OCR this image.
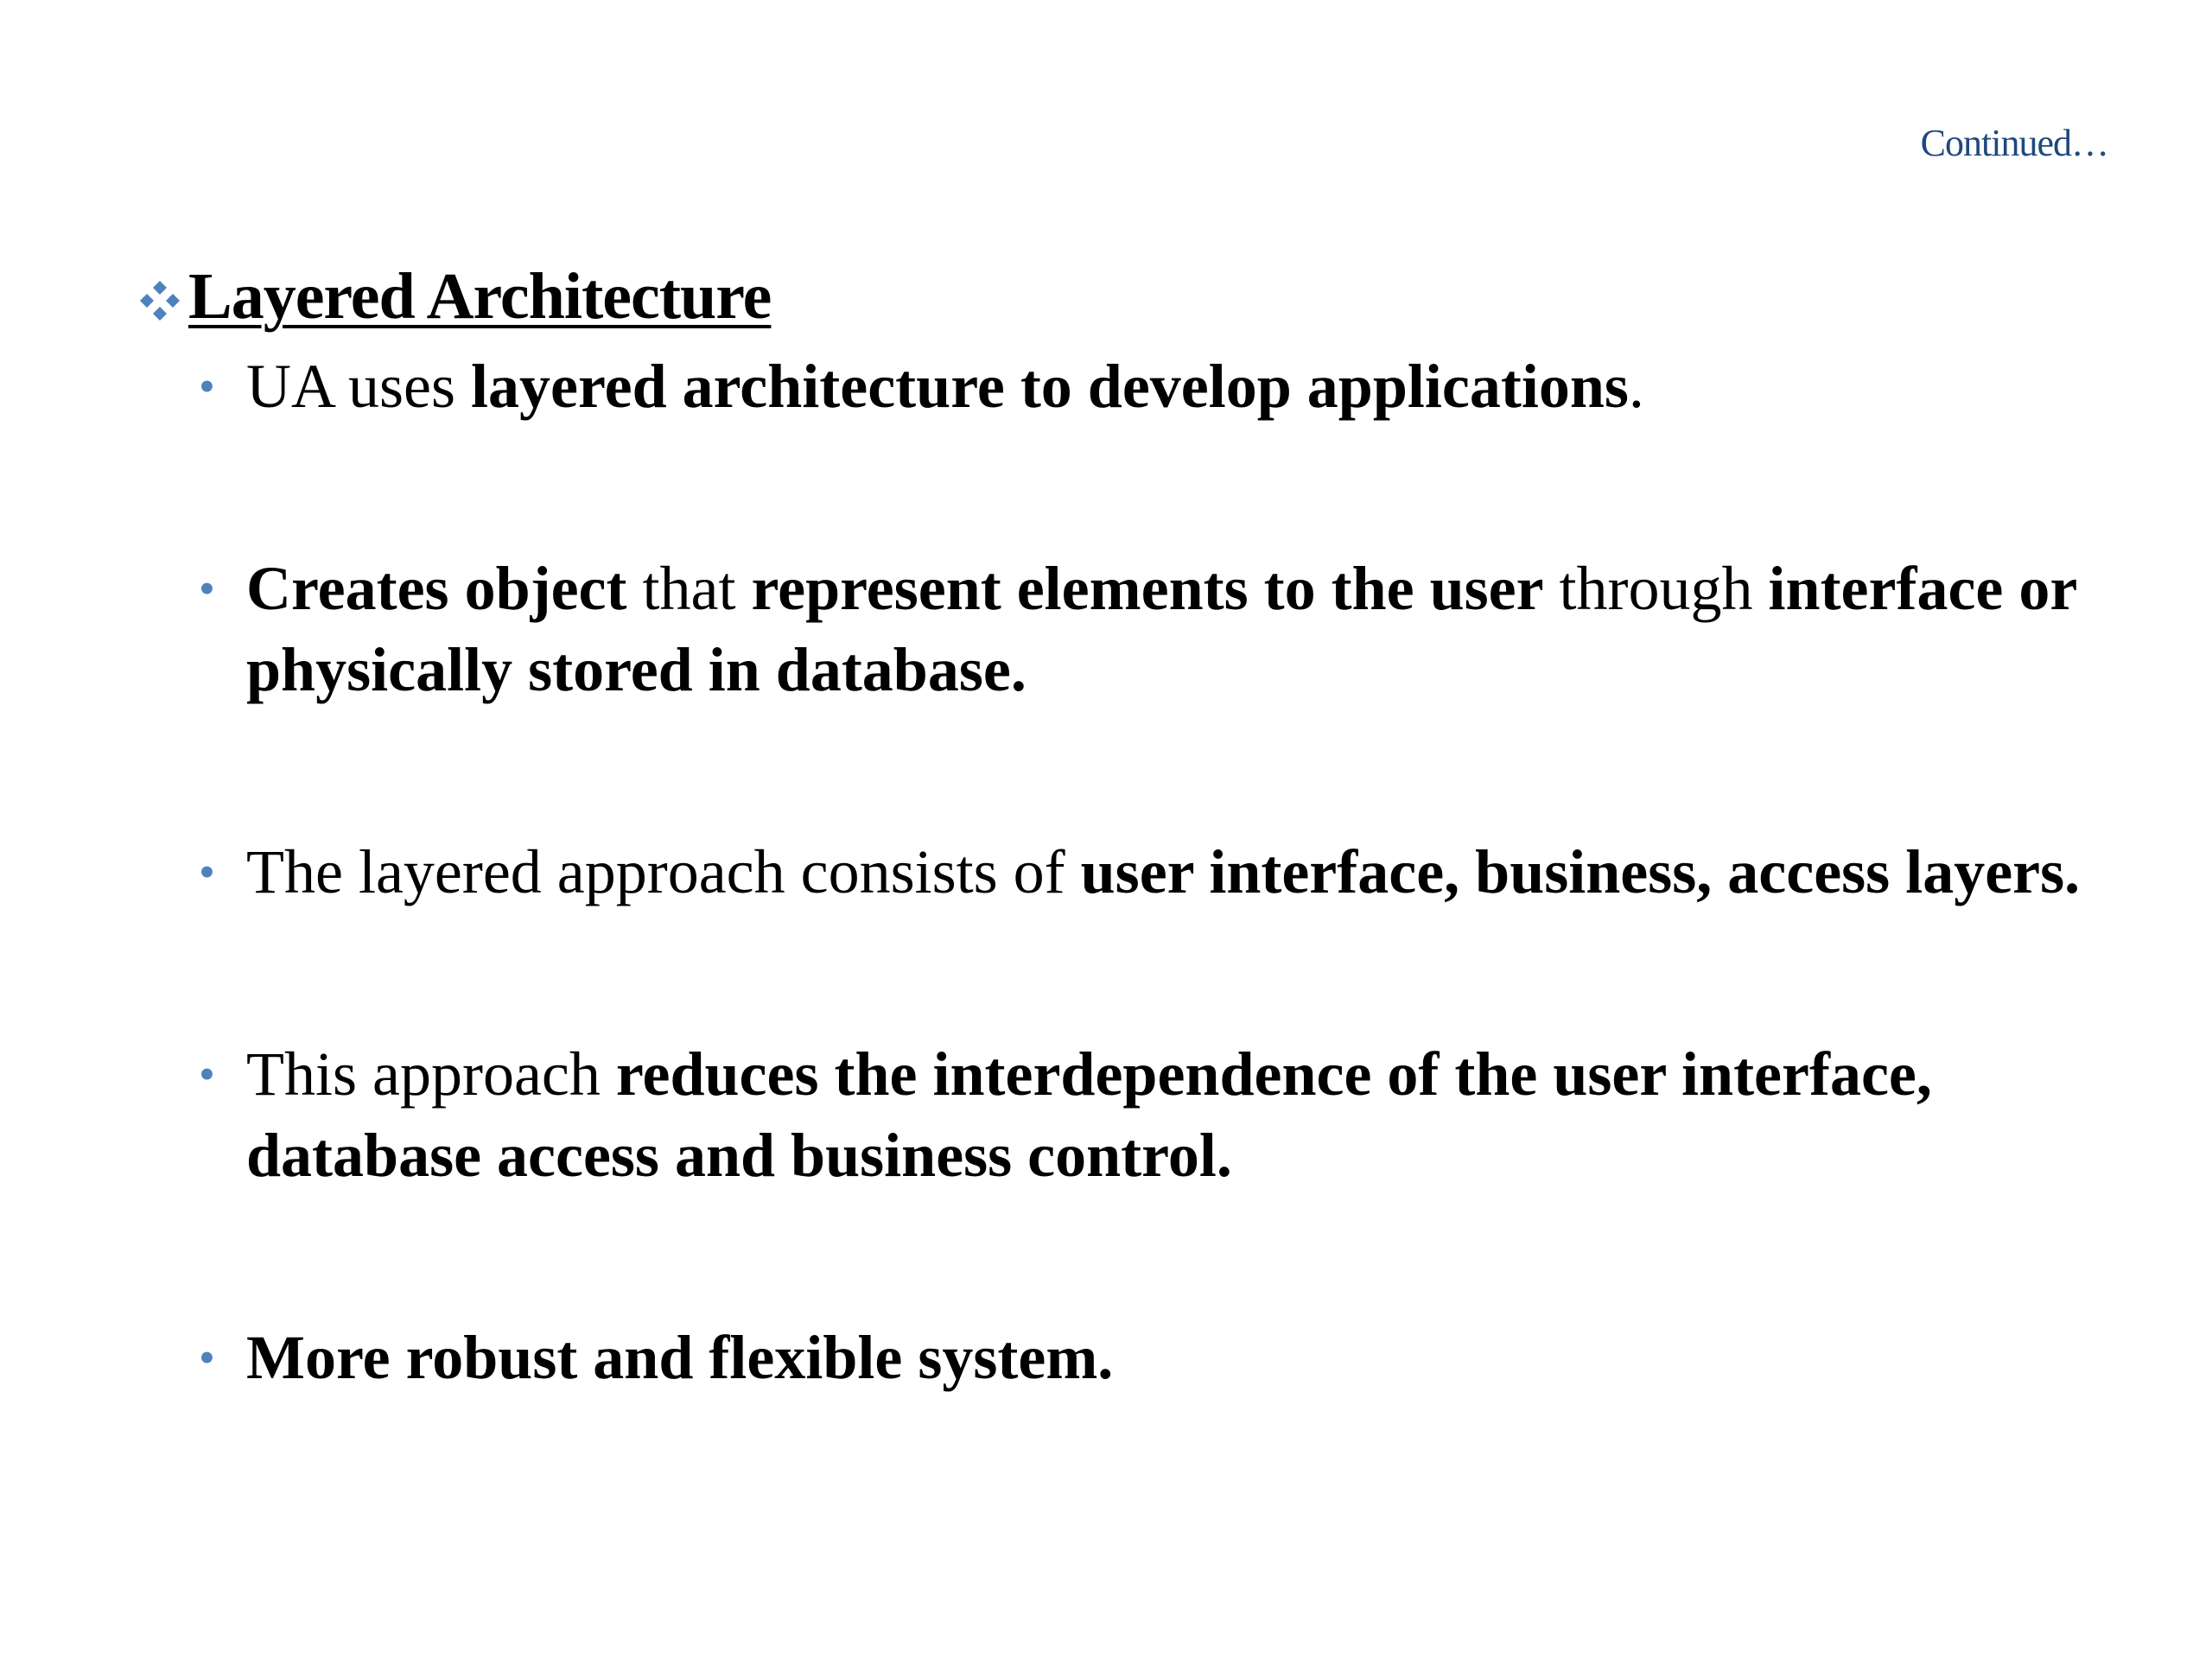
Continued…
Layered Architecture
• UA uses layered architecture to develop applications.
• Creates object that represent elements to the user through interface or physically stored in database.
• The layered approach consists of user interface, business, access layers.
• This approach reduces the interdependence of the user interface, database access and business control.
• More robust and flexible system.
